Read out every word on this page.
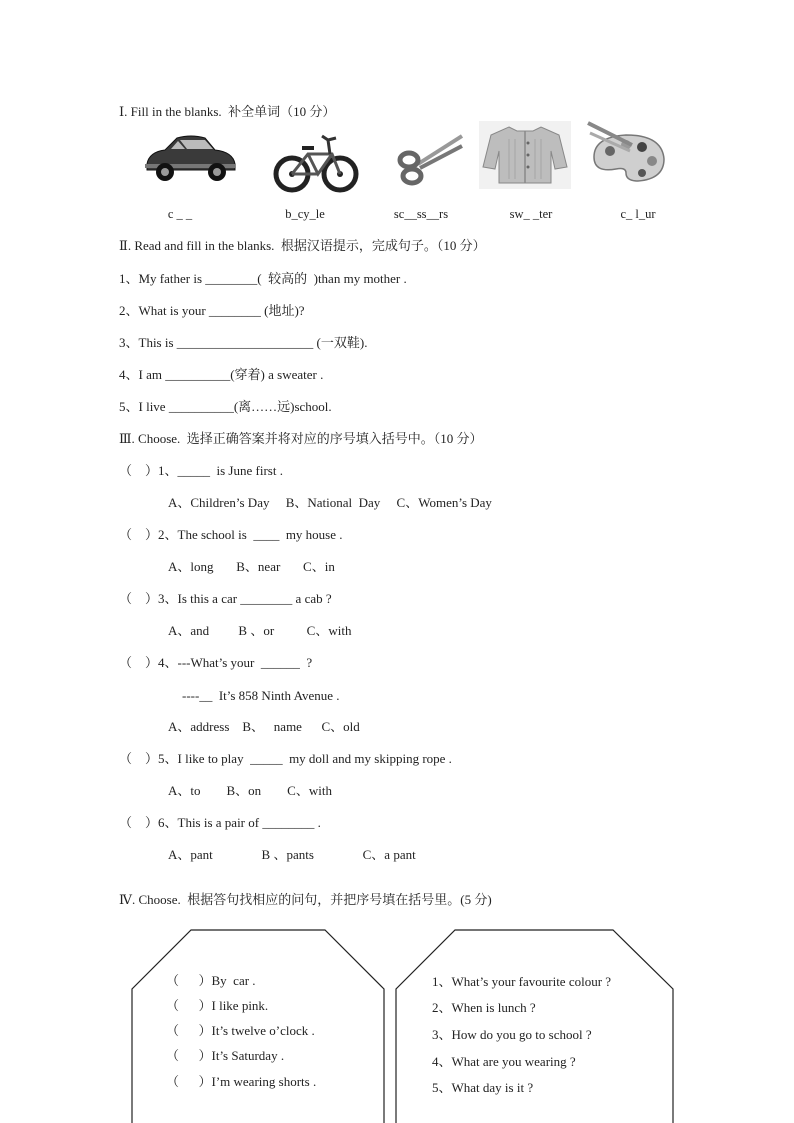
Ⅰ. Fill in the blanks.  补全单词（10 分）
c _ _	b_cy_le	sc__ss__rs	sw_ _ter	c_ l_ur
Ⅱ. Read and fill in the blanks.  根据汉语提示，完成句子。（10 分）
1、My father is ________(  较高的  )than my mother .
2、What is your ________ (地址)?
3、This is _____________________ (一双鞋).
4、I am __________(穿着) a sweater .
5、I live __________(离……远)school.
Ⅲ. Choose.  选择正确答案并将对应的序号填入括号中。（10 分）
（    ）1、_____  is June first .
A、Children’s Day     B、National  Day     C、Women’s Day
（    ）2、The school is  ____  my house .
A、long       B、near       C、in
（    ）3、Is this a car ________ a cab ?
A、and         B 、or          C、with
（    ）4、---What’s your  ______  ?
----__  It’s 858 Ninth Avenue .
A、address    B、   name      C、old
（    ）5、I like to play  _____  my doll and my skipping rope .
A、to        B、on        C、with
（    ）6、This is a pair of ________ .
A、pant               B 、pants               C、a pant
Ⅳ. Choose.  根据答句找相应的问句，并把序号填在括号里。(5 分)
（      ）By  car .
（      ）I like pink.
（      ）It’s twelve o’clock .
（      ）It’s Saturday .
（      ）I’m wearing shorts .
1、What’s your favourite colour ?
2、When is lunch ?
3、How do you go to school ?
4、What are you wearing ?
5、What day is it ?
